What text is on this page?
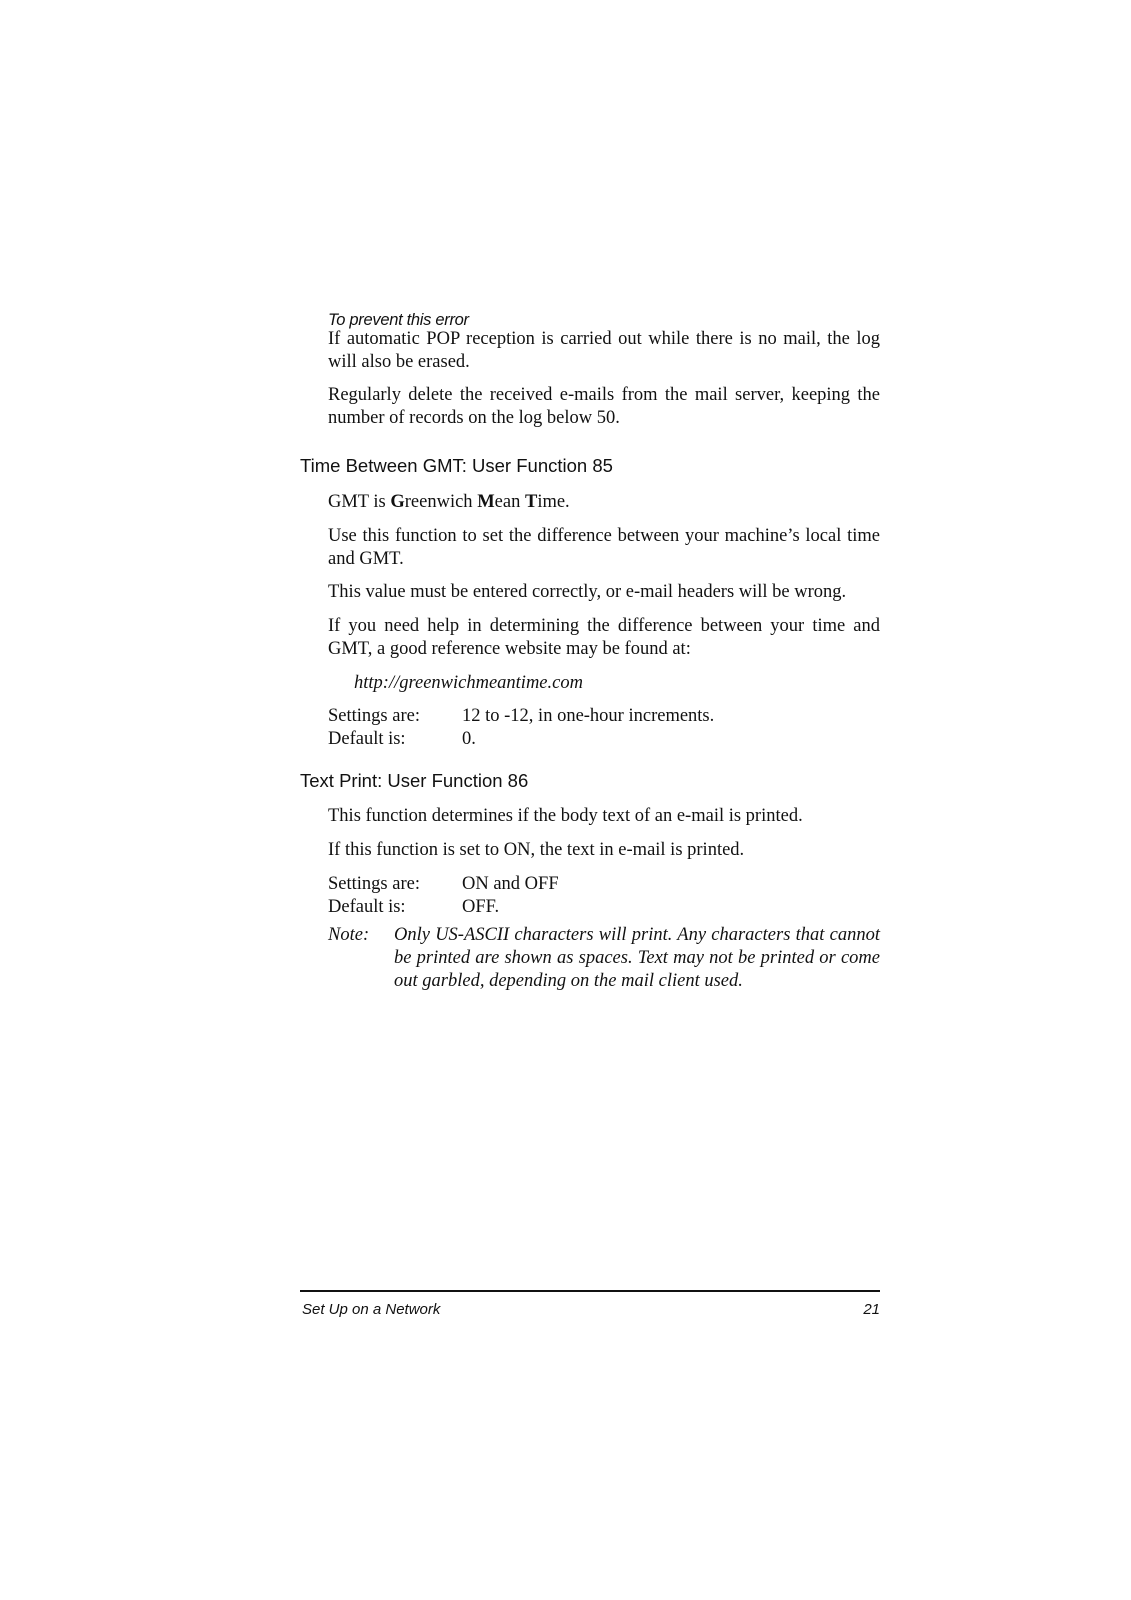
To prevent this error

If automatic POP reception is carried out while there is no mail, the log will also be erased.

Regularly delete the received e-mails from the mail server, keeping the number of records on the log below 50.

Time Between GMT: User Function 85

GMT is Greenwich Mean Time.

Use this function to set the difference between your machine’s local time and GMT.

This value must be entered correctly, or e-mail headers will be wrong.

If you need help in determining the difference between your time and GMT, a good reference website may be found at:

http://greenwichmeantime.com
Settings are: 12 to -12, in one-hour increments.
Default is:	0.
Text Print: User Function 86

This function determines if the body text of an e-mail is printed.

If this function is set to ON, the text in e-mail is printed.

Settings are: ON and OFF
Default is:	OFF.
Note: Only US-ASCII characters will print. Any characters that cannot be printed are shown as spaces. Text may not be printed or come out garbled, depending on the mail client used.
Set Up on a Network	21
